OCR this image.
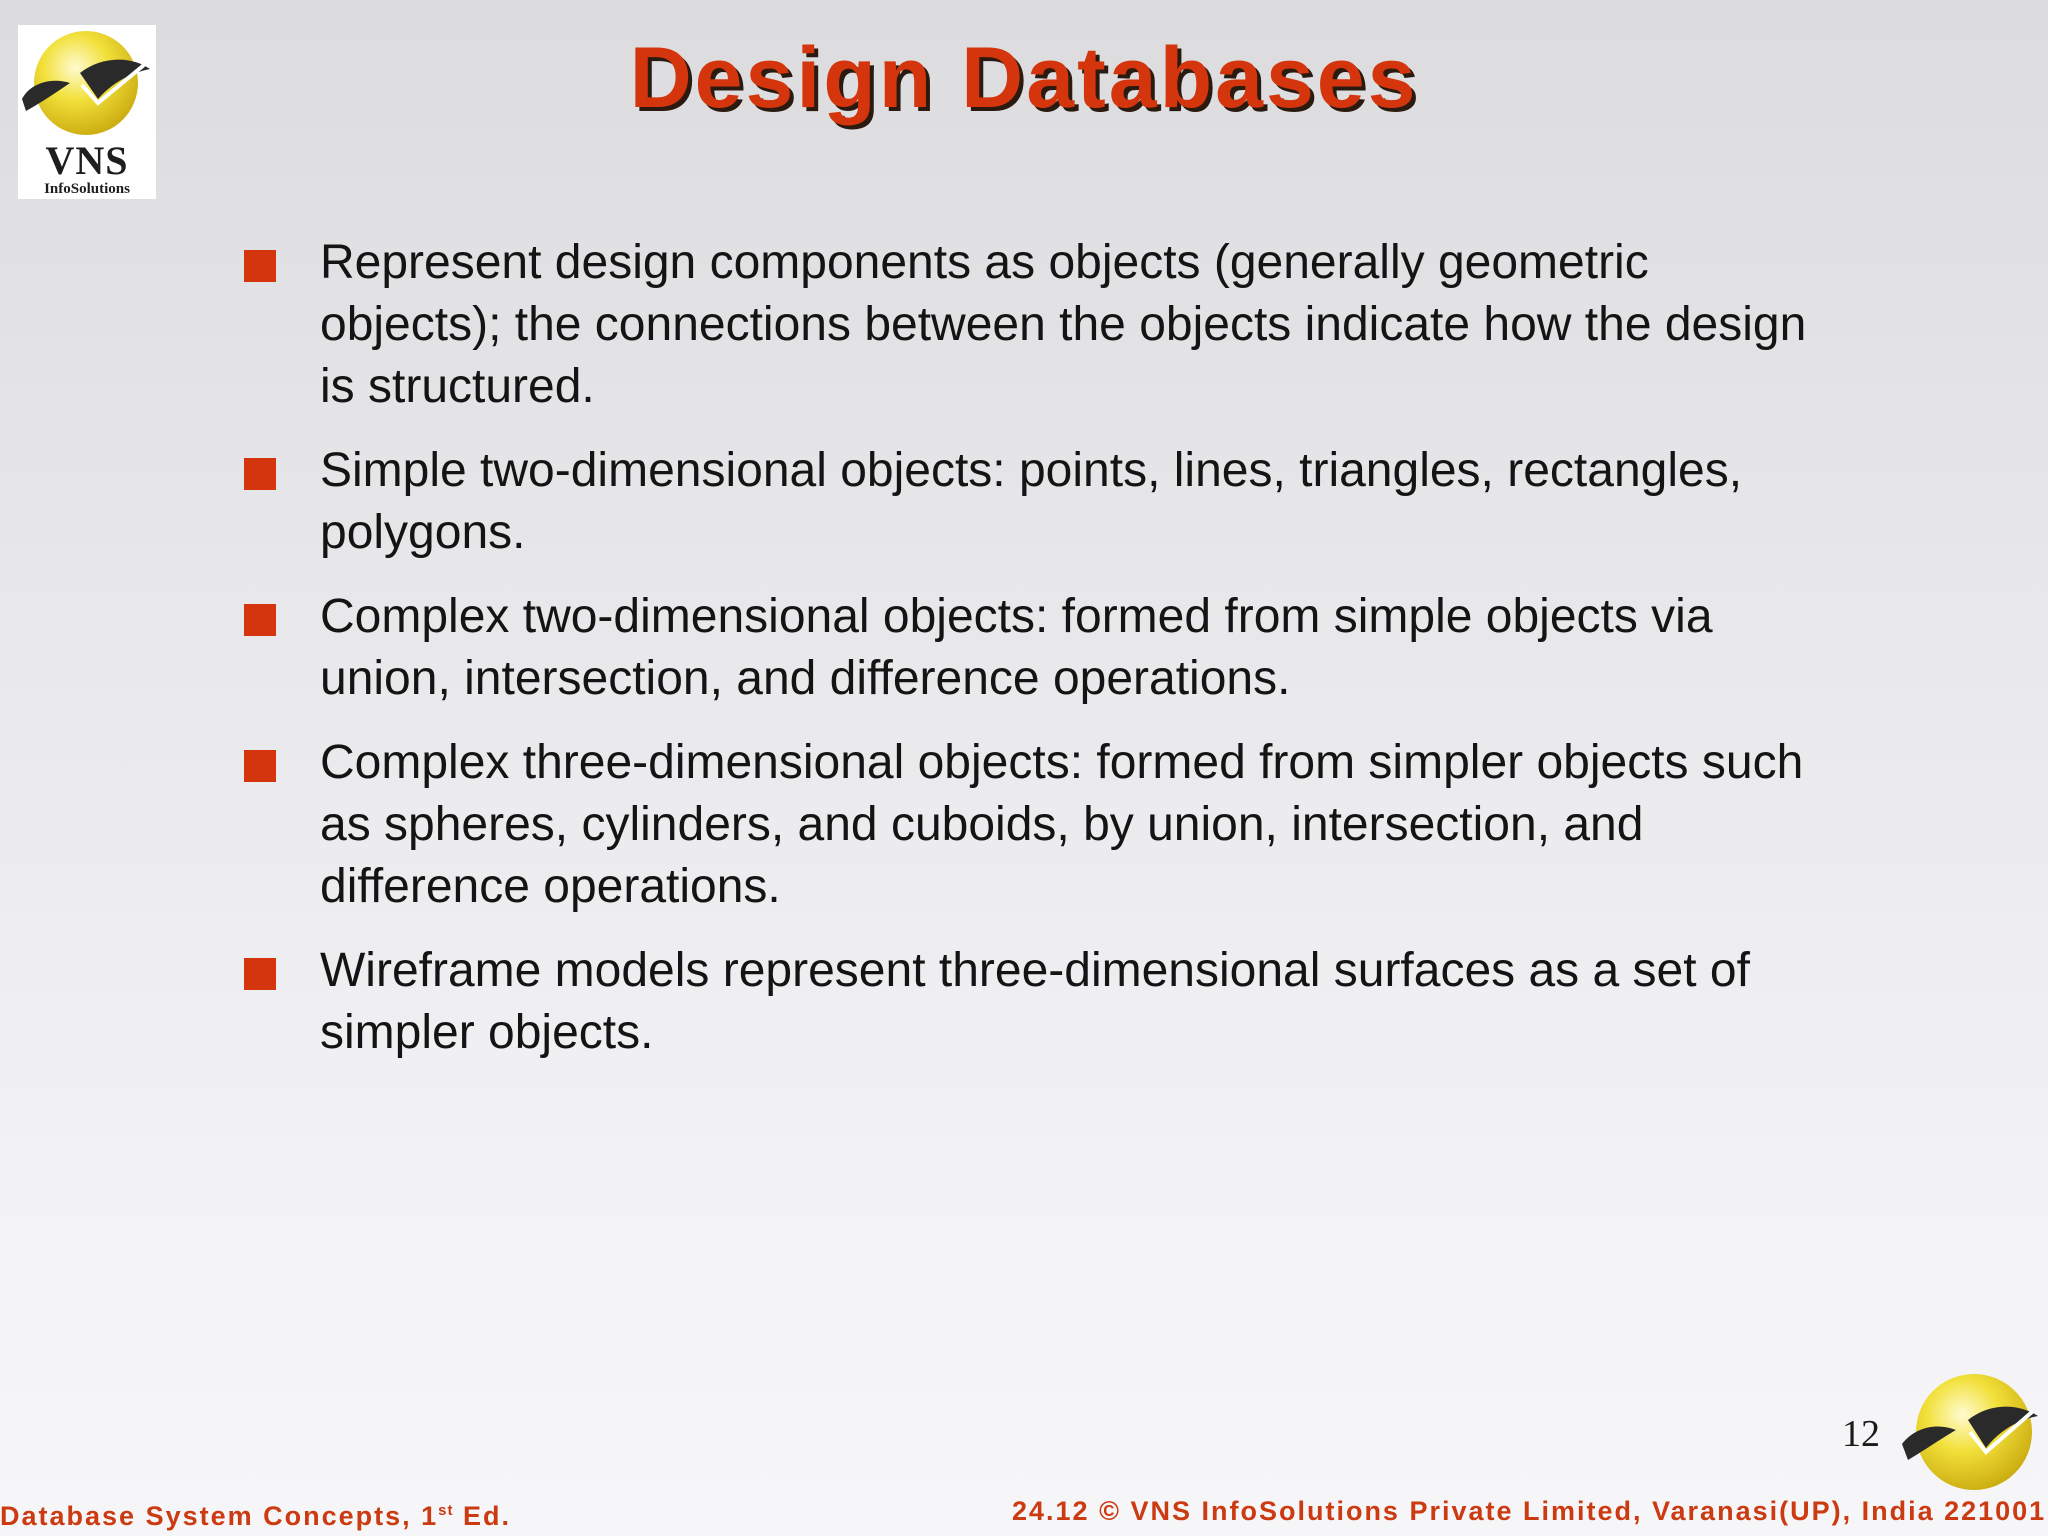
VNS
InfoSolutions
Design Databases
Represent design components as objects (generally geometric objects); the connections between the objects indicate how the design is structured.
Simple two-dimensional objects: points, lines, triangles, rectangles, polygons.
Complex two-dimensional objects: formed from simple objects via union, intersection, and difference operations.
Complex three-dimensional objects: formed from simpler objects such as spheres, cylinders, and cuboids, by union, intersection, and difference operations.
Wireframe models represent three-dimensional surfaces as a set of simpler objects.
12
Database System Concepts, 1st Ed.	24.12 © VNS InfoSolutions Private Limited, Varanasi(UP), India 221001
